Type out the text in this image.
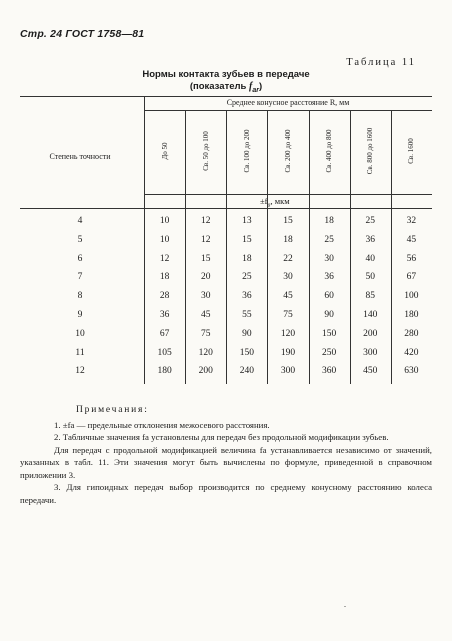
Стр. 24 ГОСТ 1758—81
Таблица 11
Нормы контакта зубьев в передаче
(показатель $f_{ar}$)
Среднее конусное расстояние R, мм
Степень точности
$\pm f_a$, мкм
До 50	Св. 50 до 100	Св. 100 до 200	Св. 200 до 400	Св. 400 до 800	Св. 800 до 1600	Св. 1600
4	10	12	13	15	18	25	32
5	10	12	15	18	25	36	45
6	12	15	18	22	30	40	56
7	18	20	25	30	36	50	67
8	28	30	36	45	60	85	100
9	36	45	55	75	90	140	180
10	67	75	90	120	150	200	280
11	105	120	150	190	250	300	420
12	180	200	240	300	360	450	630
Примечания:

1. ±fa — предельные отклонения межосевого расстояния.

2. Табличные значения fa установлены для передач без продольной модификации зубьев.

Для передач с продольной модификацией величина fa устанавливается независимо от значений, указанных в табл. 11. Эти значения могут быть вычислены по формуле, приведенной в справочном приложении 3.

3. Для гипоидных передач выбор производится по среднему конусному расстоянию колеса передачи.

.
